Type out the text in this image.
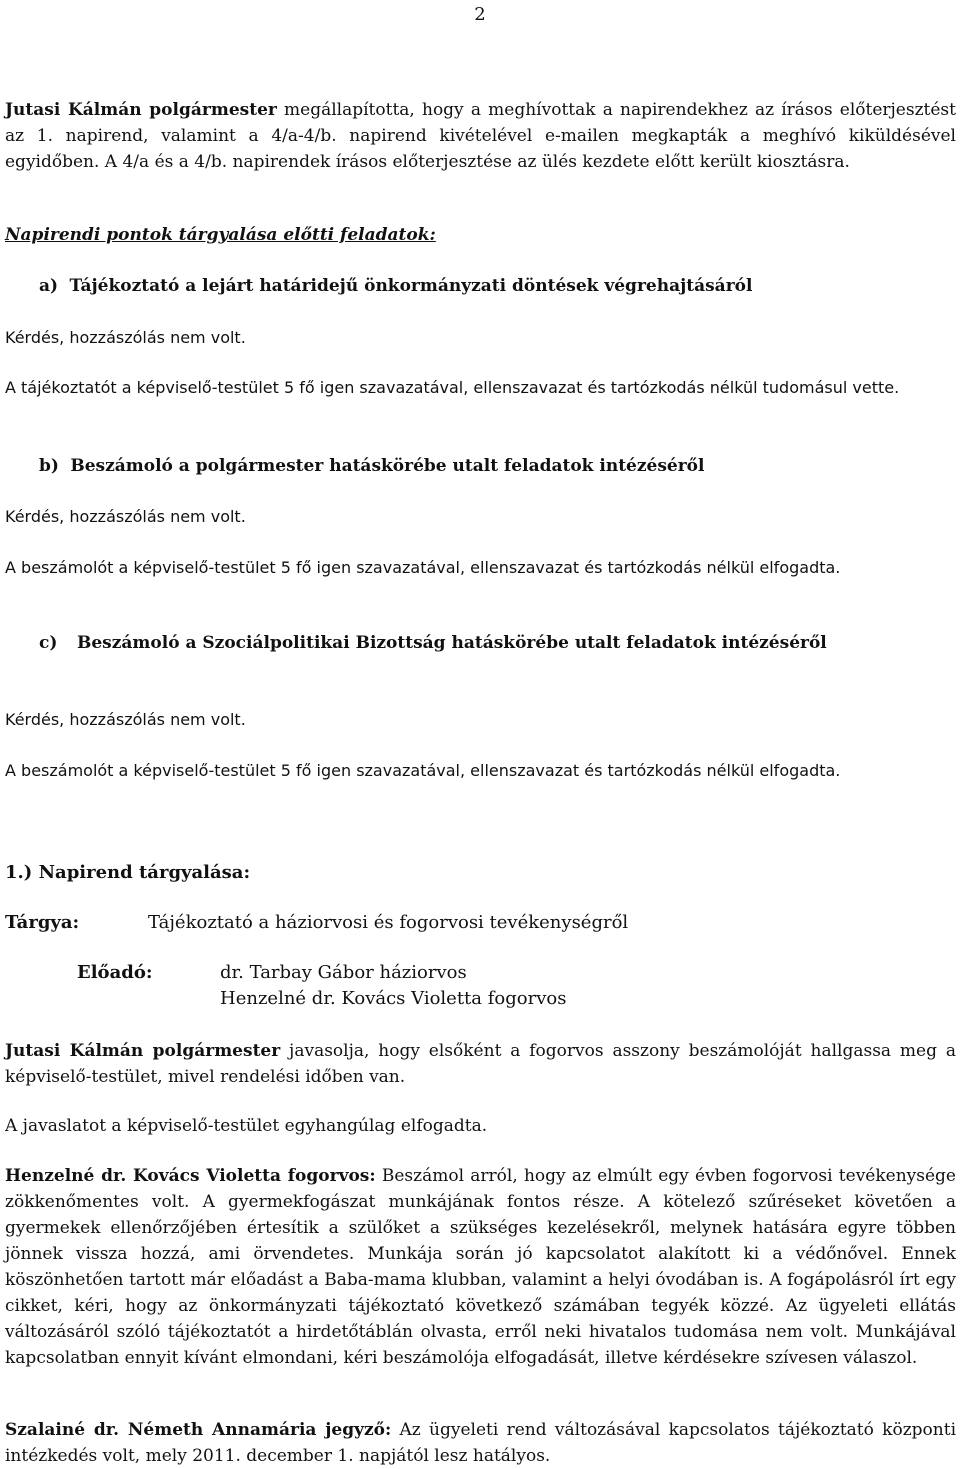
2

Jutasi Kálmán polgármester megállapította, hogy a meghívottak a napirendekhez az írásos előterjesztést az 1. napirend, valamint a 4/a-4/b. napirend kivételével e-mailen megkapták a meghívó kiküldésével egyidőben. A 4/a és a 4/b. napirendek írásos előterjesztése az ülés kezdete előtt került kiosztásra.

Napirendi pontok tárgyalása előtti feladatok:

a) Tájékoztató a lejárt határidejű önkormányzati döntések végrehajtásáról

Kérdés, hozzászólás nem volt.

A tájékoztatót a képviselő-testület 5 fő igen szavazatával, ellenszavazat és tartózkodás nélkül tudomásul vette.

b) Beszámoló a polgármester hatáskörébe utalt feladatok intézéséről

Kérdés, hozzászólás nem volt.

A beszámolót a képviselő-testület 5 fő igen szavazatával, ellenszavazat és tartózkodás nélkül elfogadta.

c) Beszámoló a Szociálpolitikai Bizottság hatáskörébe utalt feladatok intézéséről

Kérdés, hozzászólás nem volt.

A beszámolót a képviselő-testület 5 fő igen szavazatával, ellenszavazat és tartózkodás nélkül elfogadta.

1.) Napirend tárgyalása:

Tárgya:	Tájékoztató a háziorvosi és fogorvosi tevékenységről
Előadó:	dr. Tarbay Gábor háziorvos
Henzelné dr. Kovács Violetta fogorvos

Jutasi Kálmán polgármester javasolja, hogy elsőként a fogorvos asszony beszámolóját hallgassa meg a képviselő-testület, mivel rendelési időben van.

A javaslatot a képviselő-testület egyhangúlag elfogadta.

Henzelné dr. Kovács Violetta fogorvos: Beszámol arról, hogy az elmúlt egy évben fogorvosi tevékenysége zökkenőmentes volt. A gyermekfogászat munkájának fontos része. A kötelező szűréseket követően a gyermekek ellenőrzőjében értesítik a szülőket a szükséges kezelésekről, melynek hatására egyre többen jönnek vissza hozzá, ami örvendetes. Munkája során jó kapcsolatot alakított ki a védőnővel. Ennek köszönhetően tartott már előadást a Baba-mama klubban, valamint a helyi óvodában is. A fogápolásról írt egy cikket, kéri, hogy az önkormányzati tájékoztató következő számában tegyék közzé. Az ügyeleti ellátás változásáról szóló tájékoztatót a hirdetőtáblán olvasta, erről neki hivatalos tudomása nem volt. Munkájával kapcsolatban ennyit kívánt elmondani, kéri beszámolója elfogadását, illetve kérdésekre szívesen válaszol.

Szalainé dr. Németh Annamária jegyző: Az ügyeleti rend változásával kapcsolatos tájékoztató központi intézkedés volt, mely 2011. december 1. napjától lesz hatályos.
